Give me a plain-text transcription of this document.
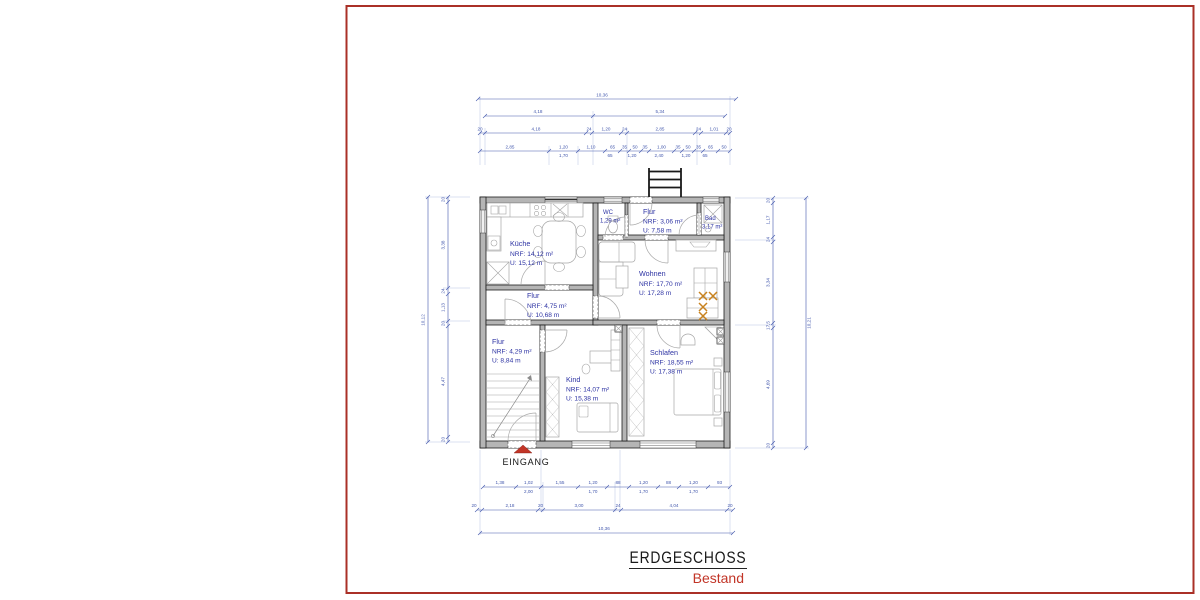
Küche
NRF: 14,12 m²
U: 15,12 m
WC
1,29 m²
Flur
NRF: 3,06 m²
U: 7,58 m
Bad
3,17 m²
Wohnen
NRF: 17,70 m²
U: 17,28 m
Flur
NRF: 4,75 m²
U: 10,68 m
Flur
NRF: 4,29 m²
U: 8,84 m
Kind
NRF: 14,07 m²
U: 15,38 m
Schlafen
NRF: 18,55 m²
U: 17,38 m
EINGANG
10,36
4,18	5,34
20	4,18	24 1,20 24	2,85	24 1,01 20
2,85	1,20	1,10	65 35 50 35 1,00 35 50 35 65 50
1,70	65	1,20	2,40	1,20	65
1,38	1,02	1,55	1,20	88	1,20	88	1,20	93
2,00	1,70	1,70	1,70
20	2,18	20	3,00	24	4,04	20
10,36
20
3,38
24
1,13
20
4,47
20
10,12
20
1,17
24
3,34
17,5
4,69
20
10,21
ERDGESCHOSS
Bestand
